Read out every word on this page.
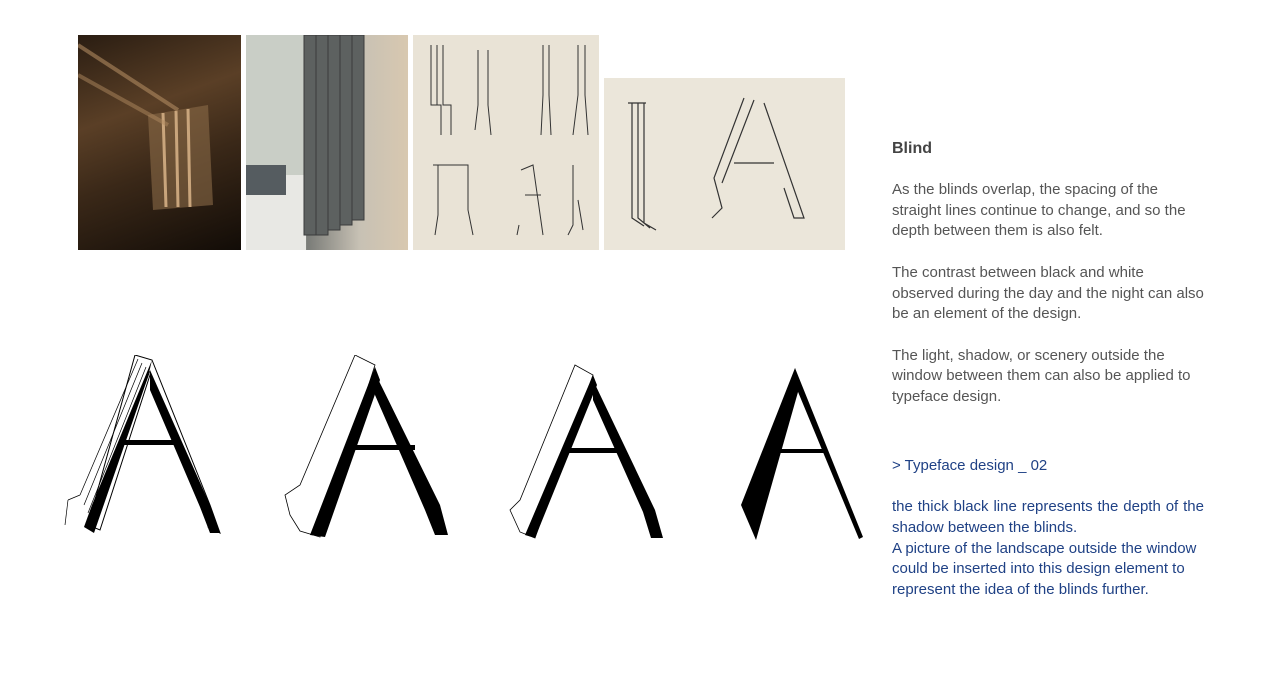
Blind

As the blinds overlap, the spacing of the straight lines continue to change, and so the depth between them is also felt.

The contrast between black and white observed during the day and the night can also be an element of the design.

The light, shadow, or scenery outside the window between them can also be applied to typeface design.

> Typeface design _ 02

the thick black line represents the depth of the shadow between the blinds.
A picture of the landscape outside the window could be inserted into this design element to represent the idea of the blinds further.
